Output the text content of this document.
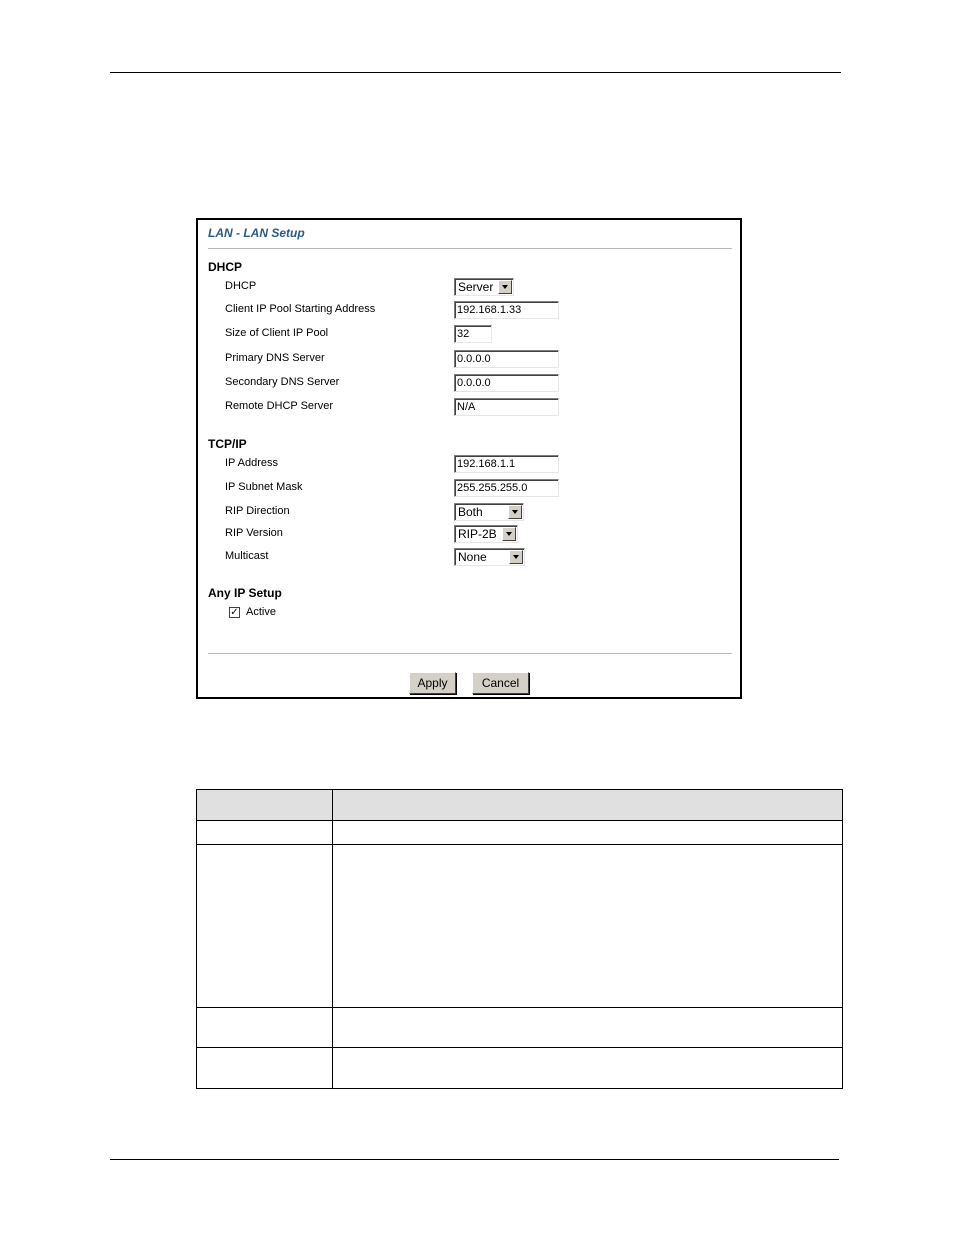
LAN - LAN Setup
DHCP
DHCP	Server
Client IP Pool Starting Address	192.168.1.33
Size of Client IP Pool	32
Primary DNS Server	0.0.0.0
Secondary DNS Server	0.0.0.0
Remote DHCP Server	N/A
TCP/IP
IP Address	192.168.1.1
IP Subnet Mask	255.255.255.0
RIP Direction	Both
RIP Version	RIP-2B
Multicast	None
Any IP Setup
✓ Active
Apply	Cancel
